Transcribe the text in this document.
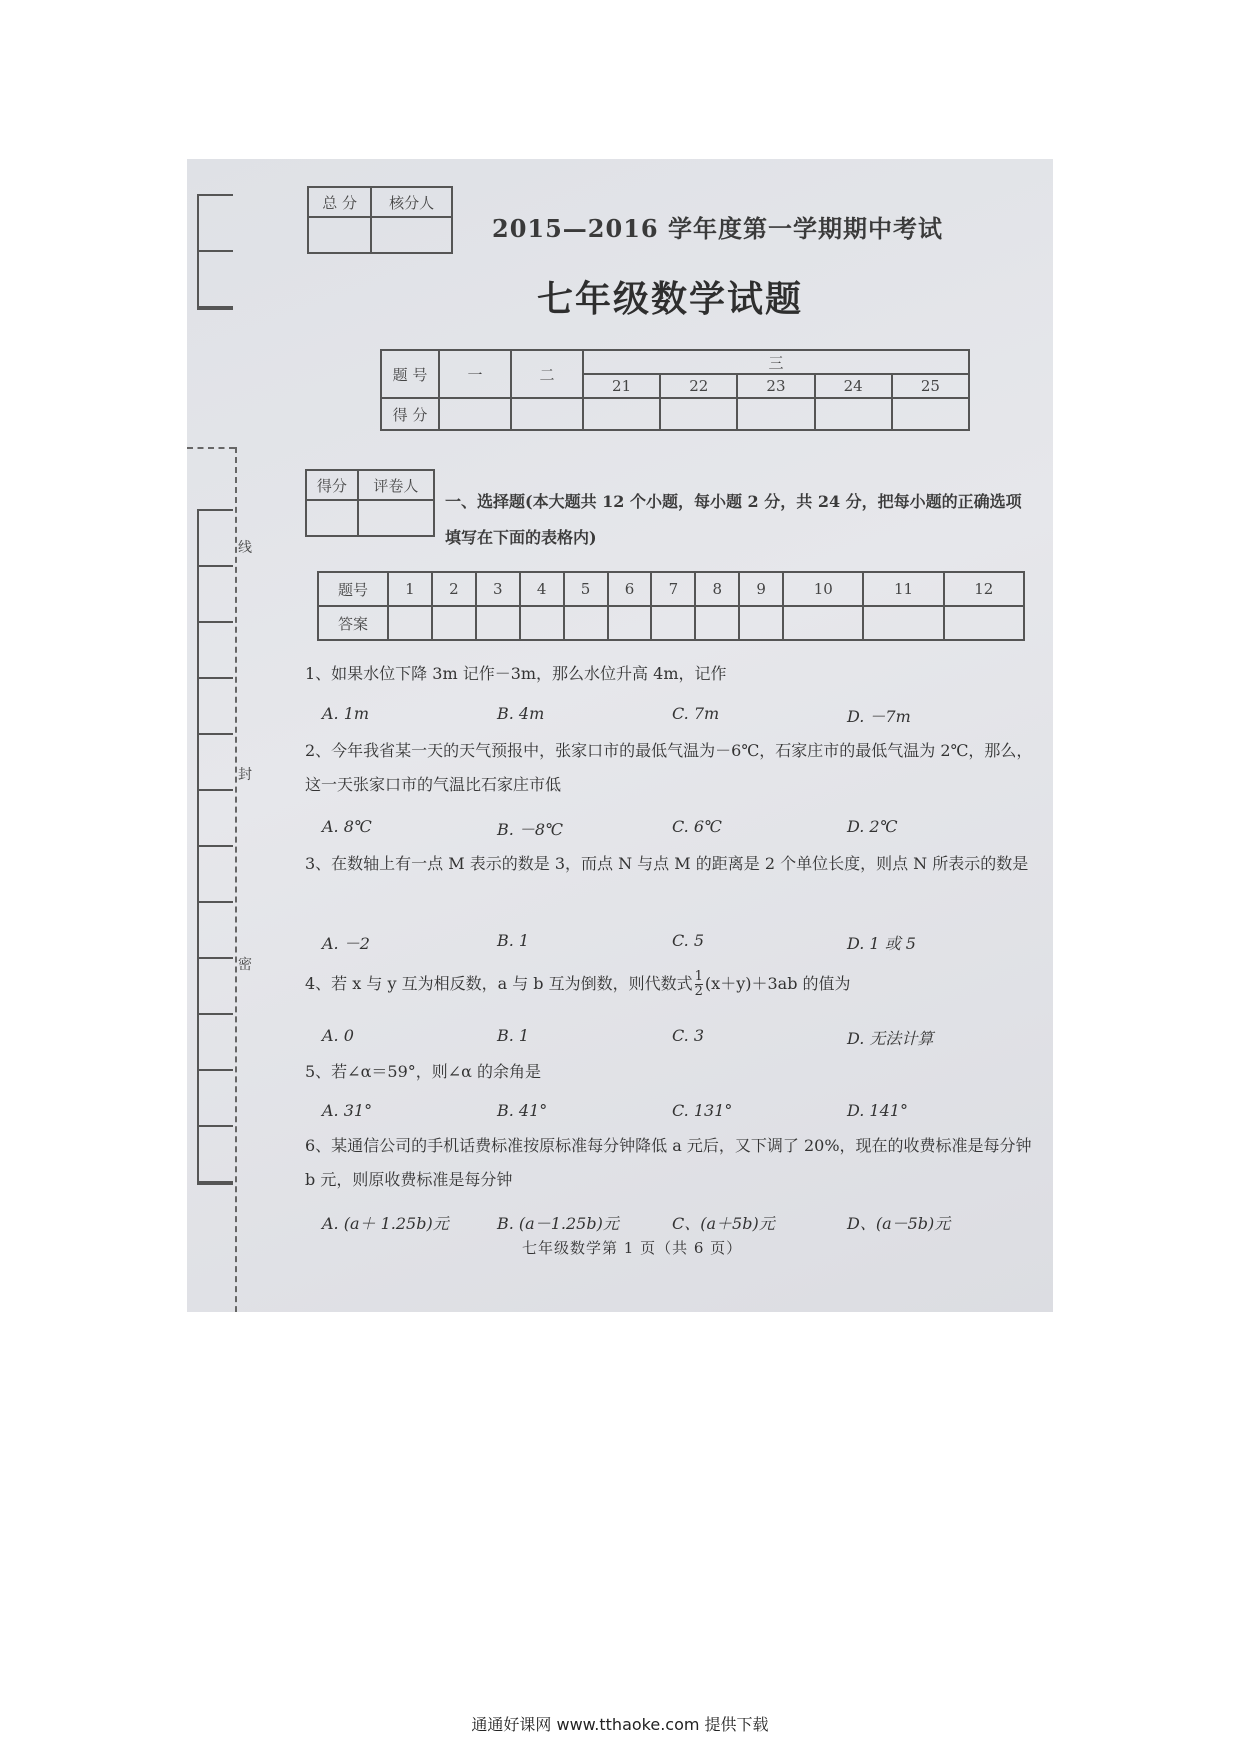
线
封
密
总 分	核分人

2015—2016 学年度第一学期期中考试
七年级数学试题
题 号	一	二	三				
			21	22	23	24	25
得 分							
得分	评卷人

一、选择题(本大题共 12 个小题，每小题 2 分，共 24 分，把每小题的正确选项填写在下面的表格内)
题号	1	2	3	4	5	6	7	8	9	10	11	12
答案												
1、如果水位下降 3m 记作－3m，那么水位升高 4m，记作
A. 1m	B. 4m	C. 7m	D. －7m
2、今年我省某一天的天气预报中，张家口市的最低气温为－6℃，石家庄市的最低气温为 2℃，那么，这一天张家口市的气温比石家庄市低
A. 8℃	B. －8℃	C. 6℃	D. 2℃
3、在数轴上有一点 M 表示的数是 3，而点 N 与点 M 的距离是 2 个单位长度，则点 N 所表示的数是
A. －2	B. 1	C. 5	D. 1 或 5
4、若 x 与 y 互为相反数，a 与 b 互为倒数，则代数式 $\frac{1}{2} (x+y)+3ab$ 的值为
A. 0	B. 1	C. 3	D. 无法计算
5、若∠α＝59°，则∠α 的余角是
A. 31°	B. 41°	C. 131°	D. 141°
6、某通信公司的手机话费标准按原标准每分钟降低 a 元后，又下调了 20%，现在的收费标准是每分钟 b 元，则原收费标准是每分钟
A. (a＋ 1.25b)元	B. (a－1.25b)元	C、(a＋5b)元	D、(a－5b)元
七年级数学第 1 页（共 6 页）
通通好课网 www.tthaoke.com 提供下载
